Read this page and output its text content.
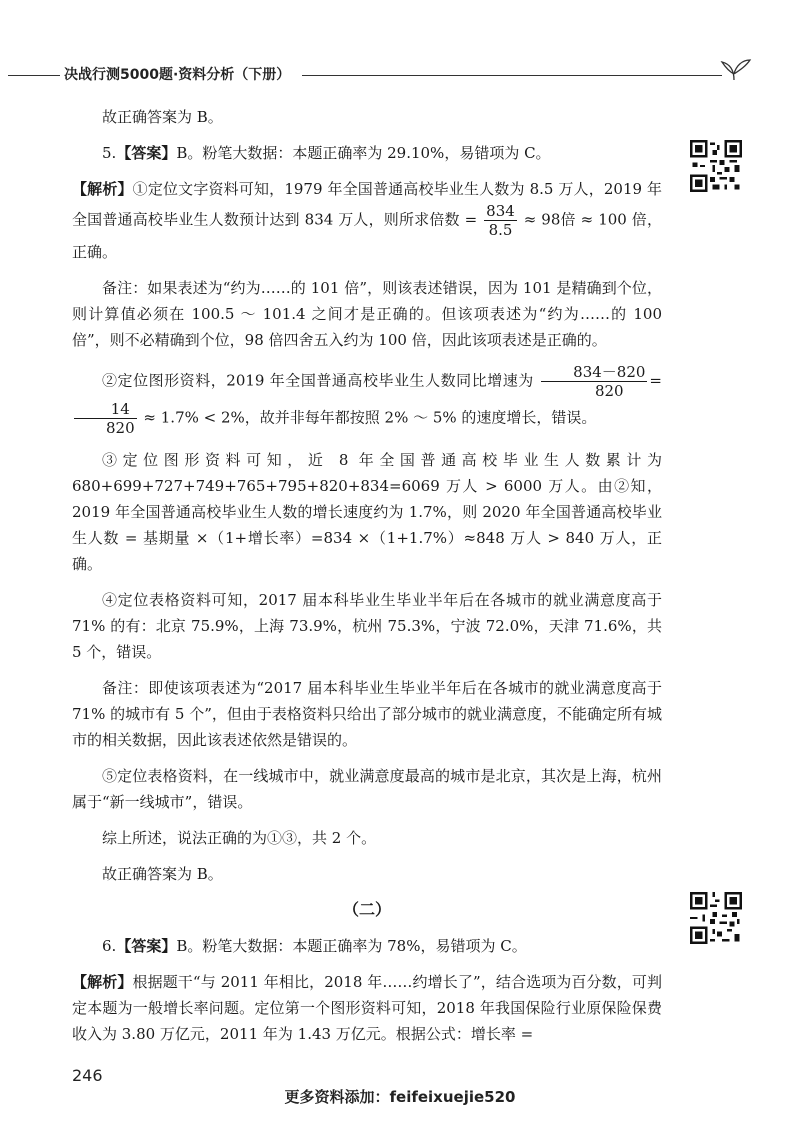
决战行测5000题·资料分析（下册）

故正确答案为 B。

5.【答案】B。粉笔大数据：本题正确率为 29.10%，易错项为 C。

【解析】①定位文字资料可知，1979 年全国普通高校毕业生人数为 8.5 万人，2019 年全国普通高校毕业生人数预计达到 834 万人，则所求倍数 = $\frac{834}{8.5} \approx 98$倍 ≈ 100 倍，正确。

备注：如果表述为“约为……的 101 倍”，则该表述错误，因为 101 是精确到个位，则计算值必须在 100.5 ～ 101.4 之间才是正确的。但该项表述为“约为……的 100 倍”，则不必精确到个位，98 倍四舍五入约为 100 倍，因此该项表述是正确的。

②定位图形资料，2019 年全国普通高校毕业生人数同比增速为 $\frac{834-820}{820}$ =
$\frac{14}{820} \approx 1.7\% < 2\%$，故并非每年都按照 2% ～ 5% 的速度增长，错误。

③定位图形资料可知，近 8 年全国普通高校毕业生人数累计为 680+699+727+749+765+795+820+834=6069 万人 > 6000 万人。由②知，2019 年全国普通高校毕业生人数的增长速度约为 1.7%，则 2020 年全国普通高校毕业生人数 = 基期量 ×（1+增长率）=834 ×（1+1.7%）≈848 万人 > 840 万人，正确。

④定位表格资料可知，2017 届本科毕业生毕业半年后在各城市的就业满意度高于 71% 的有：北京 75.9%，上海 73.9%，杭州 75.3%，宁波 72.0%，天津 71.6%，共 5 个，错误。

备注：即使该项表述为“2017 届本科毕业生毕业半年后在各城市的就业满意度高于 71% 的城市有 5 个”，但由于表格资料只给出了部分城市的就业满意度，不能确定所有城市的相关数据，因此该表述依然是错误的。

⑤定位表格资料，在一线城市中，就业满意度最高的城市是北京，其次是上海，杭州属于“新一线城市”，错误。

综上所述，说法正确的为①③，共 2 个。

故正确答案为 B。

（二）

6.【答案】B。粉笔大数据：本题正确率为 78%，易错项为 C。

【解析】根据题干“与 2011 年相比，2018 年……约增长了”，结合选项为百分数，可判定本题为一般增长率问题。定位第一个图形资料可知，2018 年我国保险行业原保险保费收入为 3.80 万亿元，2011 年为 1.43 万亿元。根据公式：增长率 =

246
更多资料添加：feifeixuejie520
